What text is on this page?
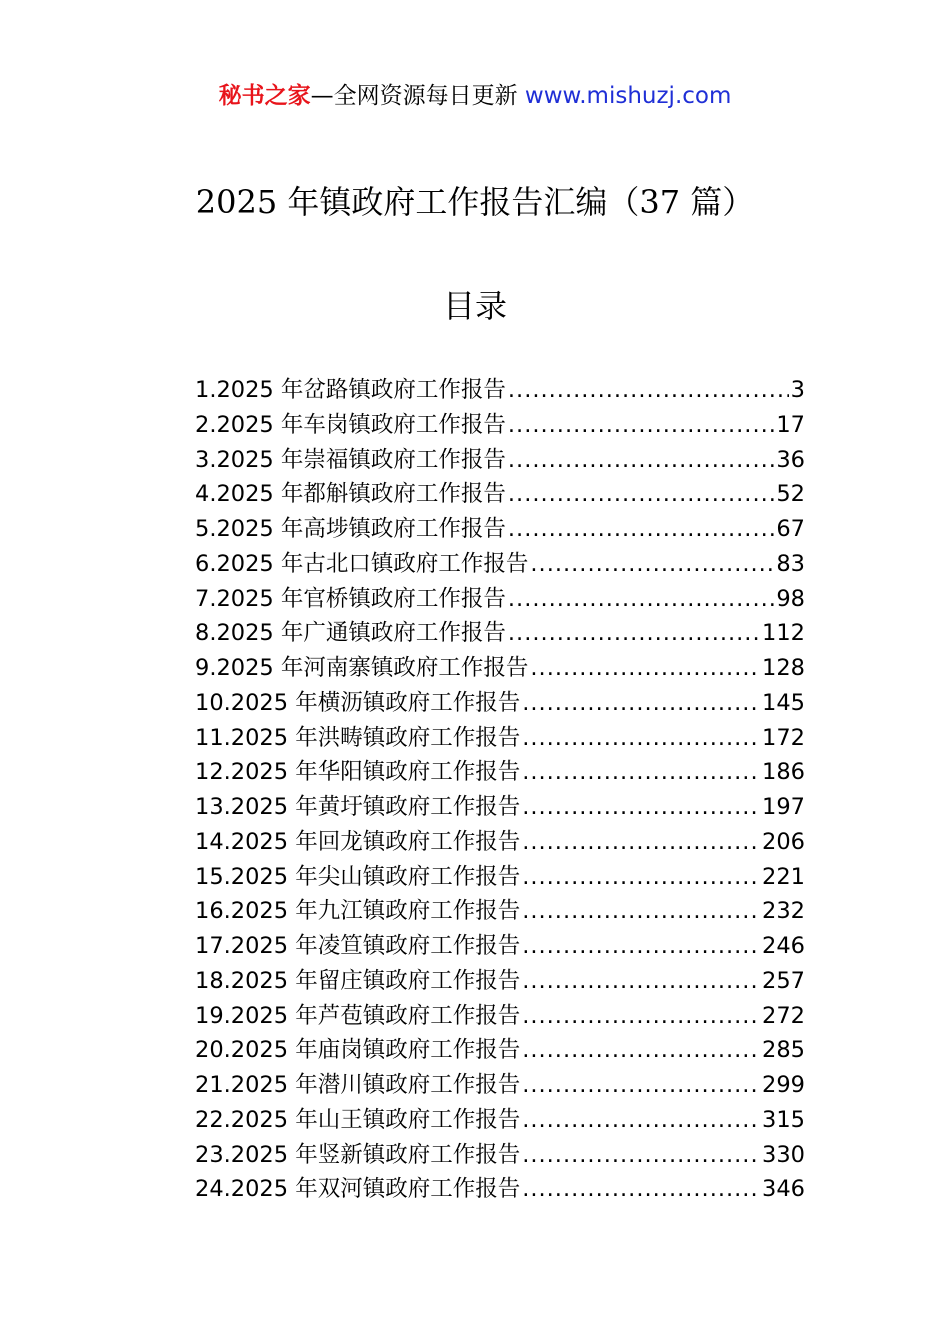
秘书之家—全网资源每日更新 www.mishuzj.com
2025 年镇政府工作报告汇编（37 篇）
目录
1.2025 年岔路镇政府工作报告 .....	3
2.2025 年车岗镇政府工作报告 .....	17
3.2025 年崇福镇政府工作报告 .....	36
4.2025 年都斛镇政府工作报告 .....	52
5.2025 年高埗镇政府工作报告 .....	67
6.2025 年古北口镇政府工作报告 .....	83
7.2025 年官桥镇政府工作报告 .....	98
8.2025 年广通镇政府工作报告 .....	112
9.2025 年河南寨镇政府工作报告 .....	128
10.2025 年横沥镇政府工作报告 .....	145
11.2025 年洪畴镇政府工作报告 .....	172
12.2025 年华阳镇政府工作报告 .....	186
13.2025 年黄圩镇政府工作报告 .....	197
14.2025 年回龙镇政府工作报告 .....	206
15.2025 年尖山镇政府工作报告 .....	221
16.2025 年九江镇政府工作报告 .....	232
17.2025 年凌笪镇政府工作报告 .....	246
18.2025 年留庄镇政府工作报告 .....	257
19.2025 年芦苞镇政府工作报告 .....	272
20.2025 年庙岗镇政府工作报告 .....	285
21.2025 年潜川镇政府工作报告 .....	299
22.2025 年山王镇政府工作报告 .....	315
23.2025 年竖新镇政府工作报告 .....	330
24.2025 年双河镇政府工作报告 .....	346
